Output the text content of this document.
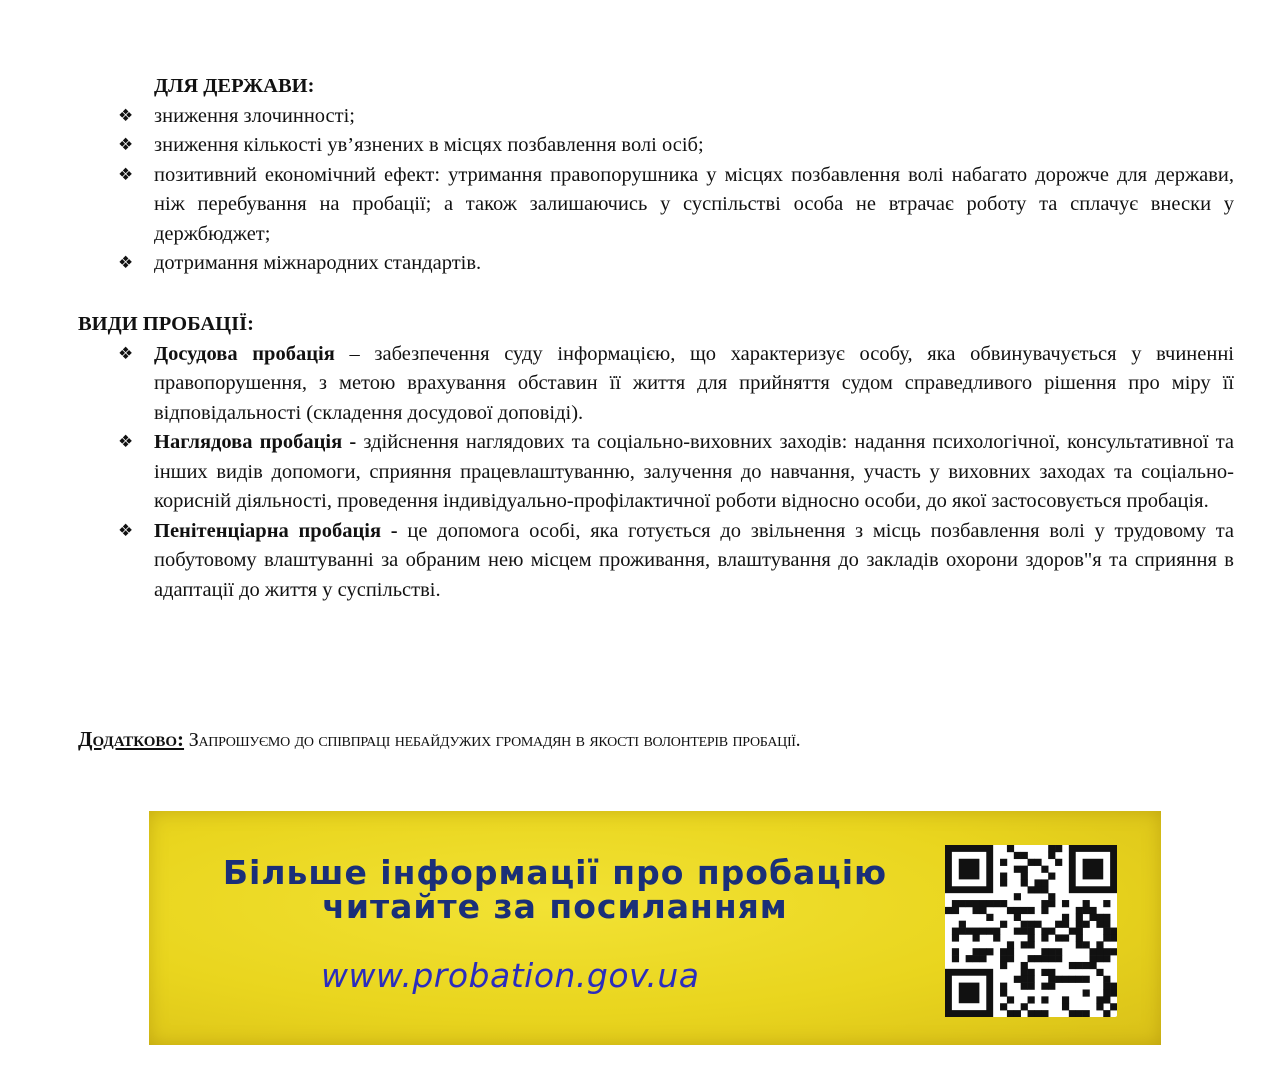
ДЛЯ ДЕРЖАВИ:
❖ зниження злочинності;
❖ зниження кількості ув’язнених в місцях позбавлення волі осіб;
❖ позитивний економічний ефект: утримання правопорушника у місцях позбавлення волі набагато дорожче для держави, ніж перебування на пробації; а також залишаючись у суспільстві особа не втрачає роботу та сплачує внески у держбюджет;
❖ дотримання міжнародних стандартів.
ВИДИ ПРОБАЦІЇ:
❖ Досудова пробація – забезпечення суду інформацією, що характеризує особу, яка обвинувачується у вчиненні правопорушення, з метою врахування обставин її життя для прийняття судом справедливого рішення про міру її відповідальності (складення досудової доповіді).
❖ Наглядова пробація - здійснення наглядових та соціально-виховних заходів: надання психологічної, консультативної та інших видів допомоги, сприяння працевлаштуванню, залучення до навчання, участь у виховних заходах та соціально-корисній діяльності, проведення індивідуально-профілактичної роботи відносно особи, до якої застосовується пробація.
❖ Пенітенціарна пробація - це допомога особі, яка готується до звільнення з місць позбавлення волі у трудовому та побутовому влаштуванні за обраним нею місцем проживання, влаштування до закладів охорони здоров"я та сприяння в адаптації до життя у суспільстві.
Додатково: Запрошуємо до співпраці небайдужих громадян в якості волонтерів пробації.
Більше інформації про пробацію
читайте за посиланням
www.probation.gov.ua
